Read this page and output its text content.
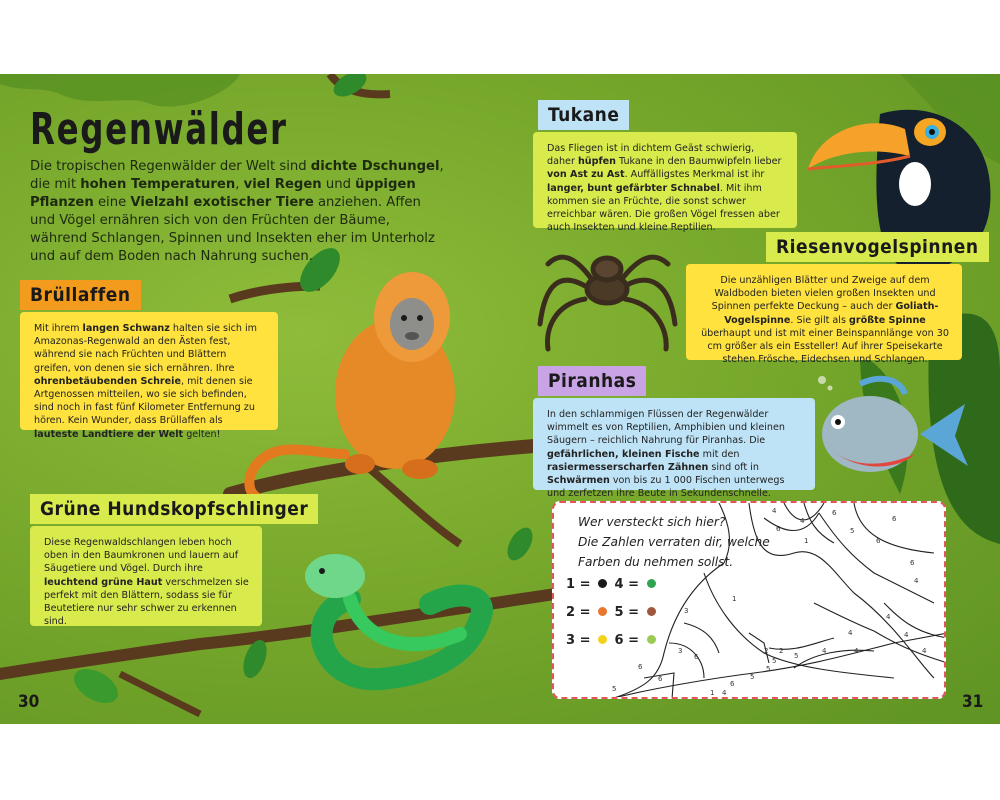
Regenwälder

Die tropischen Regenwälder der Welt sind dichte Dschungel, die mit hohen Temperaturen, viel Regen und üppigen Pflanzen eine Vielzahl exotischer Tiere anziehen. Affen und Vögel ernähren sich von den Früchten der Bäume, während Schlangen, Spinnen und Insekten eher im Unterholz und auf dem Boden nach Nahrung suchen.

Brüllaffen
Mit ihrem langen Schwanz halten sie sich im Amazonas-Regenwald an den Ästen fest, während sie nach Früchten und Blättern greifen, von denen sie sich ernähren. Ihre ohrenbetäubenden Schreie, mit denen sie Artgenossen mitteilen, wo sie sich befinden, sind noch in fast fünf Kilometer Entfernung zu hören. Kein Wunder, dass Brüllaffen als lauteste Landtiere der Welt gelten!
Grüne Hundskopfschlinger
Diese Regenwaldschlangen leben hoch oben in den Baumkronen und lauern auf Säugetiere und Vögel. Durch ihre leuchtend grüne Haut verschmelzen sie perfekt mit den Blättern, sodass sie für Beutetiere nur sehr schwer zu erkennen sind.
Tukane
Das Fliegen ist in dichtem Geäst schwierig, daher hüpfen Tukane in den Baumwipfeln lieber von Ast zu Ast. Auffälligstes Merkmal ist ihr langer, bunt gefärbter Schnabel. Mit ihm kommen sie an Früchte, die sonst schwer erreichbar wären. Die großen Vögel fressen aber auch Insekten und kleine Reptilien.
Riesenvogelspinnen
Die unzähligen Blätter und Zweige auf dem Waldboden bieten vielen großen Insekten und Spinnen perfekte Deckung – auch der Goliath-Vogelspinne. Sie gilt als größte Spinne überhaupt und ist mit einer Beinspannlänge von 30 cm größer als ein Essteller! Auf ihrer Speisekarte stehen Frösche, Eidechsen und Schlangen.
Piranhas
In den schlammigen Flüssen der Regenwälder wimmelt es von Reptilien, Amphibien und kleinen Säugern – reichlich Nahrung für Piranhas. Die gefährlichen, kleinen Fische mit den rasiermesserscharfen Zähnen sind oft in Schwärmen von bis zu 1 000 Fischen unterwegs und zerfetzen ihre Beute in Sekundenschnelle.
4
6
4
1
6
5
6
6
6
4
1
3
3
6
6
6
2
5
2
5
5
6
4
1
5
4	4
4
4
4
4
5
Wer versteckt sich hier?
Die Zahlen verraten dir, welche
Farben du nehmen sollst.
1 = 4 =
2 = 5 =
3 = 6 =
30	31
